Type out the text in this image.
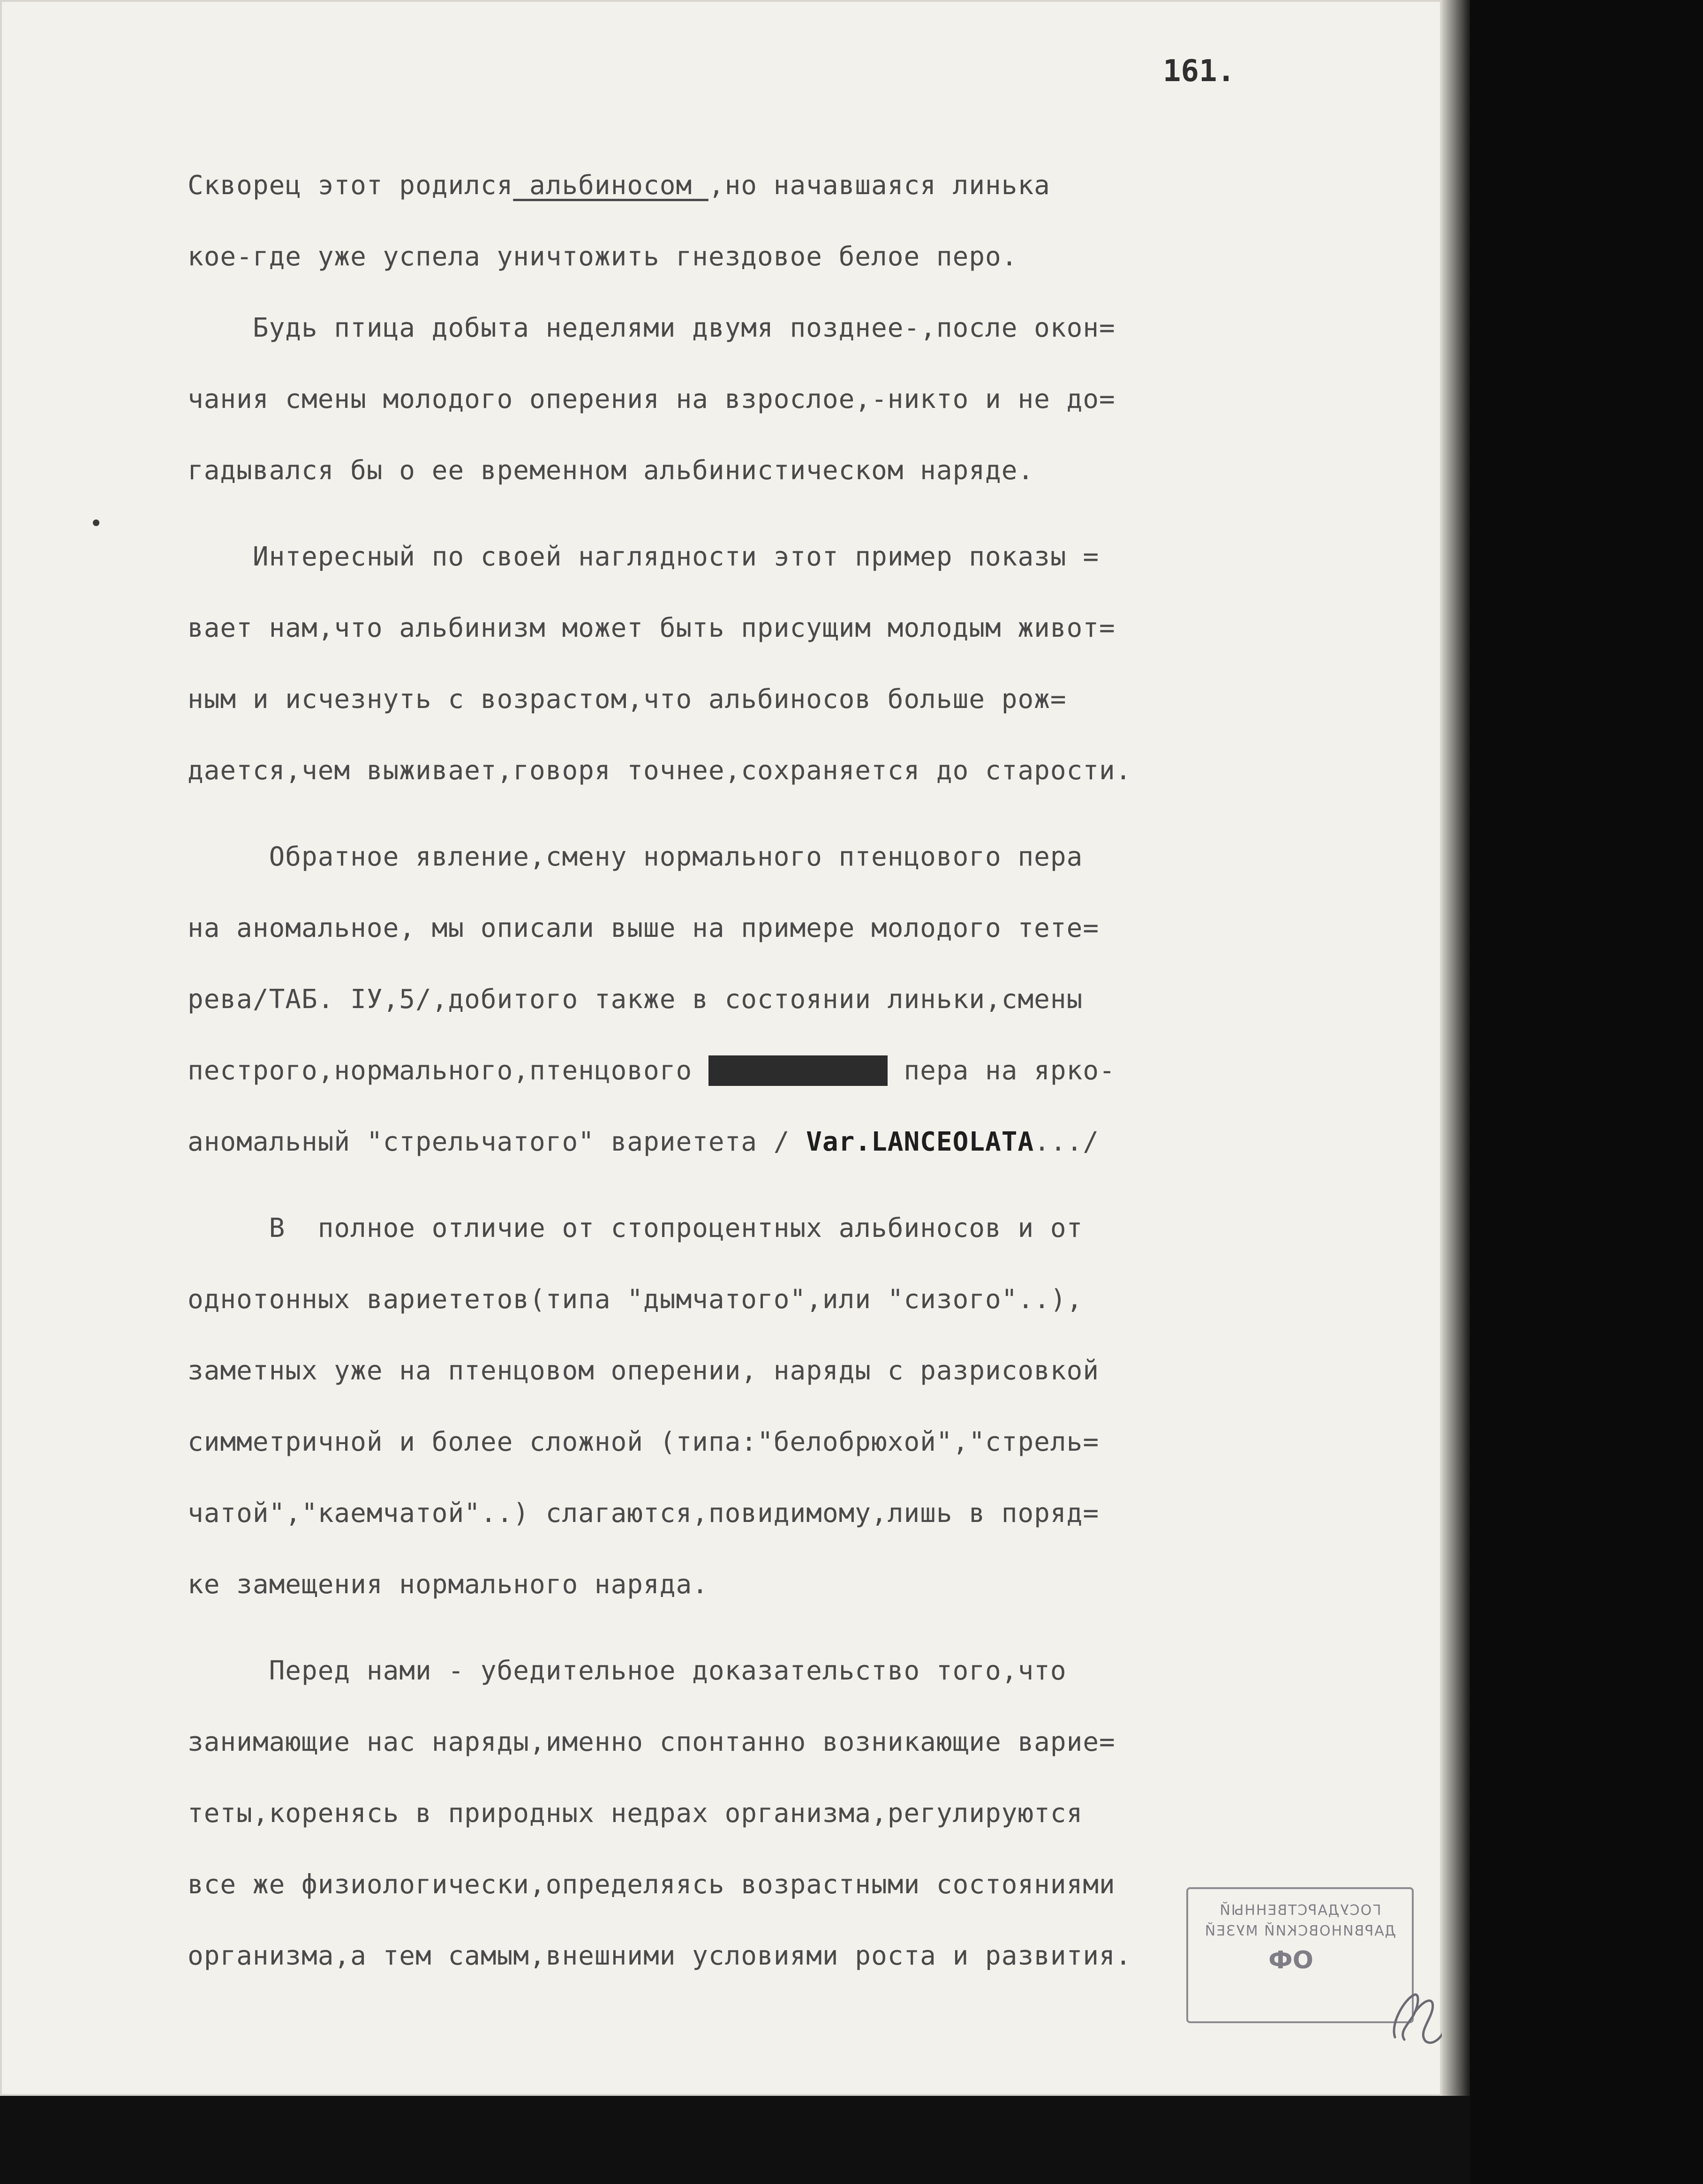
161.
Скворец этот родился альбиносом ,но начавшаяся линька
кое-где уже успела уничтожить гнездовое белое перо.
Будь птица добыта неделями двумя позднее-,после окон=
чания смены молодого оперения на взрослое,-никто и не до=
гадывался бы о ее временном альбинистическом наряде.
Интересный по своей наглядности этот пример показы =
вает нам,что альбинизм может быть присущим молодым живот=
ным и исчезнуть с возрастом,что альбиносов больше рож=
дается,чем выживает,говоря точнее,сохраняется до старости.
Обратное явление,смену нормального птенцового пера
на аномальное, мы описали выше на примере молодого тете=
рева/ТАБ. IУ,5/,добитого также в состоянии линьки,смены
пестрого,нормального,птенцового нормального пера на ярко-
аномальный "стрельчатого" вариетета / Var.LANCEOLATA.../
В  полное отличие от стопроцентных альбиносов и от
однотонных вариететов(типа "дымчатого",или "сизого"..),
заметных уже на птенцовом оперении, наряды с разрисовкой
симметричной и более сложной (типа:"белобрюхой","стрель=
чатой","каемчатой"..) слагаются,повидимому,лишь в поряд=
ке замещения нормального наряда.
Перед нами - убедительное доказательство того,что
занимающие нас наряды,именно спонтанно возникающие варие=
теты,коренясь в природных недрах организма,регулируются
все же физиологически,определяясь возрастными состояниями
организма,а тем самым,внешними условиями роста и развития.
ГОСУДАРСТВЕННЫЙ
ДАРВИНОВСКИЙ МУЗЕЙ
ОФ
